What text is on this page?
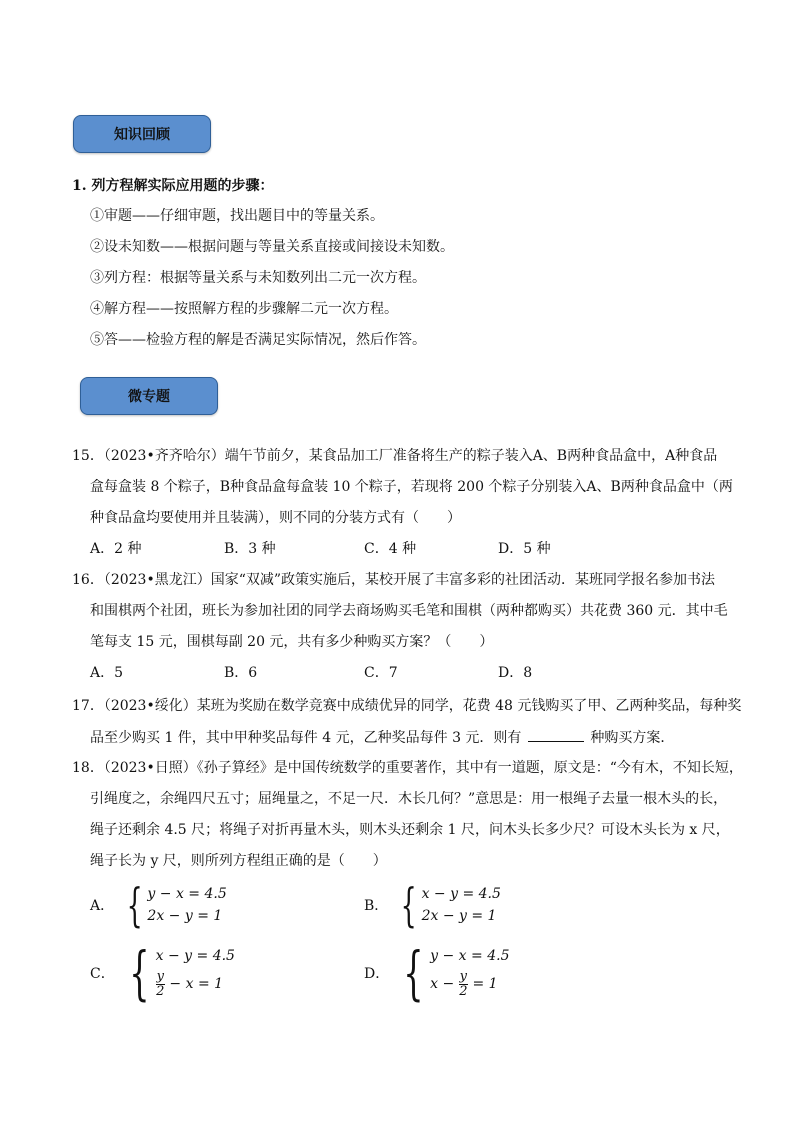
知识回顾
微专题
1. 列方程解实际应用题的步骤：
①审题——仔细审题，找出题目中的等量关系。
②设未知数——根据问题与等量关系直接或间接设未知数。
③列方程：根据等量关系与未知数列出二元一次方程。
④解方程——按照解方程的步骤解二元一次方程。
⑤答——检验方程的解是否满足实际情况，然后作答。
15．（2023•齐齐哈尔）端午节前夕，某食品加工厂准备将生产的粽子装入A、B两种食品盒中，A种食品
盒每盒装 8 个粽子，B种食品盒每盒装 10 个粽子，若现将 200 个粽子分别装入A、B两种食品盒中（两
种食品盒均要使用并且装满），则不同的分装方式有（　　）
A．2 种	B．3 种	C．4 种	D．5 种
16．（2023•黑龙江）国家“双减”政策实施后，某校开展了丰富多彩的社团活动．某班同学报名参加书法
和围棋两个社团，班长为参加社团的同学去商场购买毛笔和围棋（两种都购买）共花费 360 元．其中毛
笔每支 15 元，围棋每副 20 元，共有多少种购买方案？（　　）
A．5	B．6	C．7	D．8
17．（2023•绥化）某班为奖励在数学竞赛中成绩优异的同学，花费 48 元钱购买了甲、乙两种奖品，每种奖
品至少购买 1 件，其中甲种奖品每件 4 元，乙种奖品每件 3 元．则有	种购买方案．
18．（2023•日照）《孙子算经》是中国传统数学的重要著作，其中有一道题，原文是：“今有木，不知长短，
引绳度之，余绳四尺五寸；屈绳量之，不足一尺．木长几何？”意思是：用一根绳子去量一根木头的长，
绳子还剩余 4.5 尺；将绳子对折再量木头，则木头还剩余 1 尺，问木头长多少尺？可设木头长为 x 尺，
绳子长为 y 尺，则所列方程组正确的是（　　）
A． { y − x = 4.5
2x − y = 1
B． { x − y = 4.5
2x − y = 1
C． { x − y = 4.5
$\frac{y}{2} - x = 1$
D． { y − x = 4.5
$x - \frac{y}{2} = 1$
